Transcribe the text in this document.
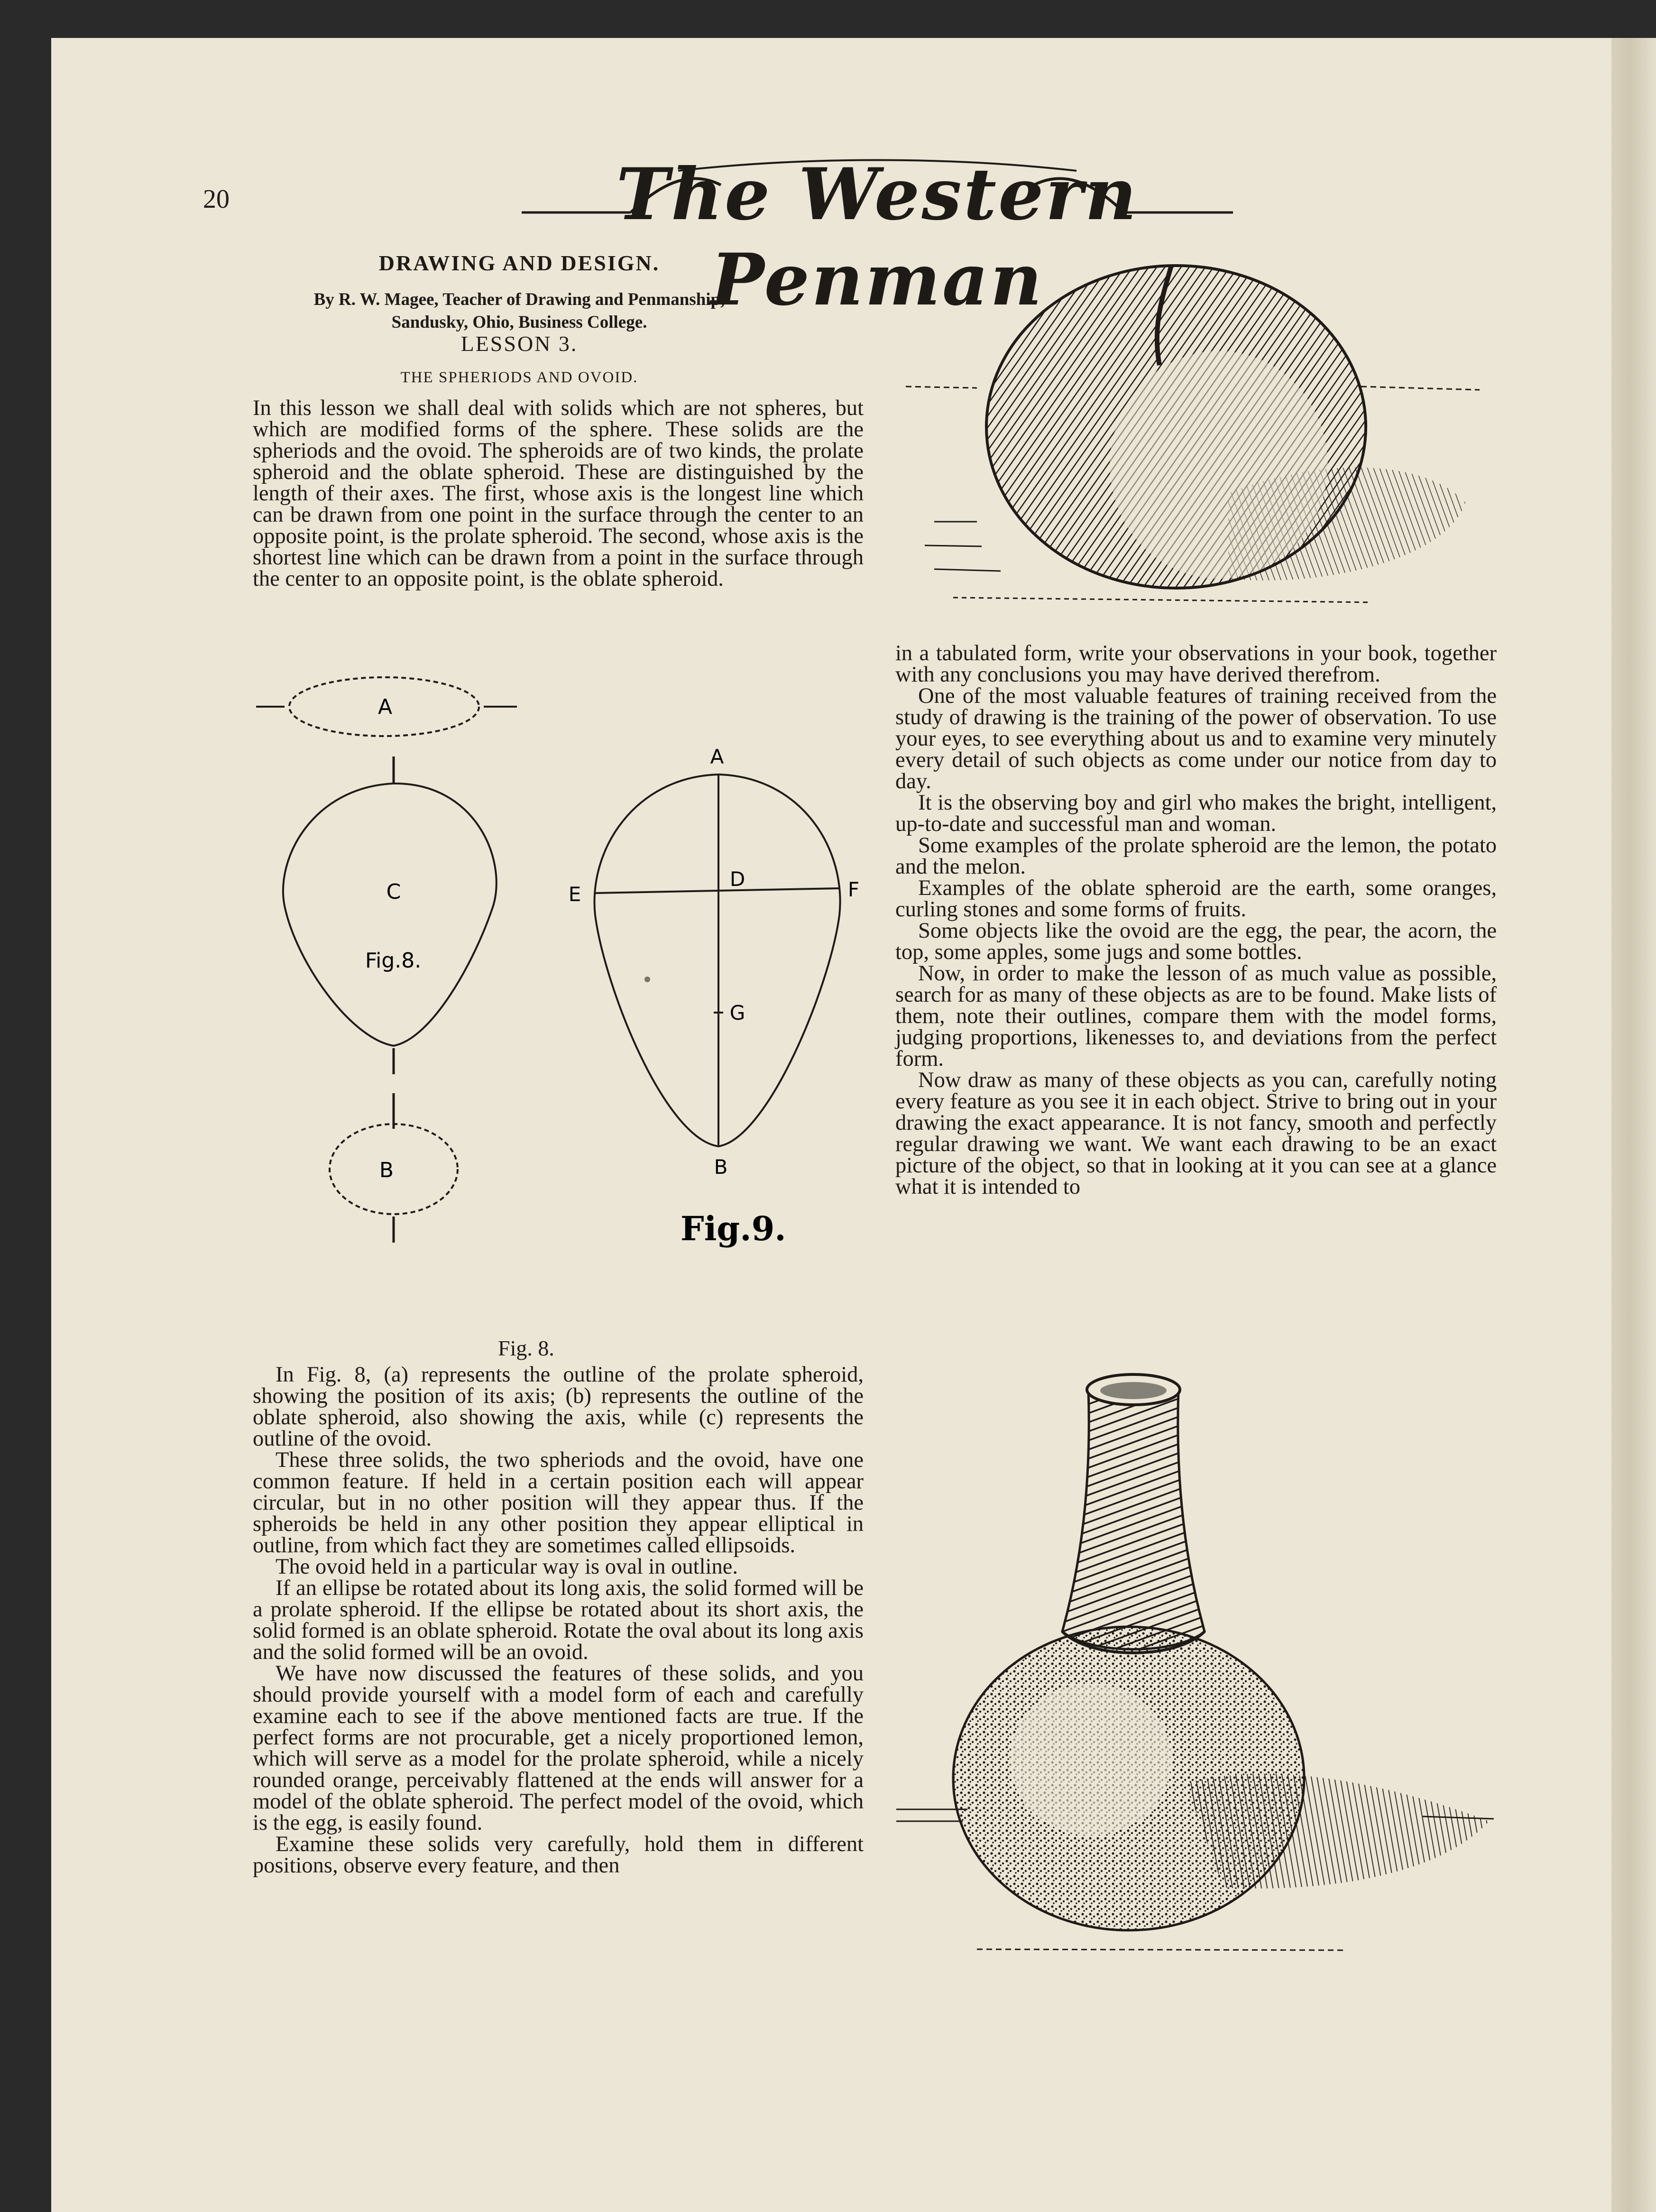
20	The Western Penman
DRAWING AND DESIGN.
By R. W. Magee, Teacher of Drawing and Penmanship,
Sandusky, Ohio, Business College.
LESSON 3.
THE SPHERIODS AND OVOID.

In this lesson we shall deal with solids which are not spheres, but which are modified forms of the sphere. These solids are the spheriods and the ovoid. The spheroids are of two kinds, the prolate spheroid and the oblate spheroid. These are distinguished by the length of their axes. The first, whose axis is the longest line which can be drawn from one point in the surface through the center to an opposite point, is the prolate spheroid. The second, whose axis is the shortest line which can be drawn from a point in the surface through the center to an opposite point, is the oblate spheroid.

A
C
Fig.8.
B
A
E	F
D
G
B
Fig.9.
Fig. 8.

In Fig. 8, (a) represents the outline of the prolate spheroid, showing the position of its axis; (b) represents the outline of the oblate spheroid, also showing the axis, while (c) represents the outline of the ovoid.

These three solids, the two spheriods and the ovoid, have one common feature. If held in a certain position each will appear circular, but in no other position will they appear thus. If the spheroids be held in any other position they appear elliptical in outline, from which fact they are sometimes called ellipsoids.

The ovoid held in a particular way is oval in outline.

If an ellipse be rotated about its long axis, the solid formed will be a prolate spheroid. If the ellipse be rotated about its short axis, the solid formed is an oblate spheroid. Rotate the oval about its long axis and the solid formed will be an ovoid.

We have now discussed the features of these solids, and you should provide yourself with a model form of each and carefully examine each to see if the above mentioned facts are true. If the perfect forms are not procurable, get a nicely proportioned lemon, which will serve as a model for the prolate spheroid, while a nicely rounded orange, perceivably flattened at the ends will answer for a model of the oblate spheroid. The perfect model of the ovoid, which is the egg, is easily found.

Examine these solids very carefully, hold them in different positions, observe every feature, and then

in a tabulated form, write your observations in your book, together with any conclusions you may have derived therefrom.

One of the most valuable features of training received from the study of drawing is the training of the power of observation. To use your eyes, to see everything about us and to examine very minutely every detail of such objects as come under our notice from day to day.

It is the observing boy and girl who makes the bright, intelligent, up-to-date and successful man and woman.

Some examples of the prolate spheroid are the lemon, the potato and the melon.

Examples of the oblate spheroid are the earth, some oranges, curling stones and some forms of fruits.

Some objects like the ovoid are the egg, the pear, the acorn, the top, some apples, some jugs and some bottles.

Now, in order to make the lesson of as much value as possible, search for as many of these objects as are to be found. Make lists of them, note their outlines, compare them with the model forms, judging proportions, likenesses to, and deviations from the perfect form.

Now draw as many of these objects as you can, carefully noting every feature as you see it in each object. Strive to bring out in your drawing the exact appearance. It is not fancy, smooth and perfectly regular drawing we want. We want each drawing to be an exact picture of the object, so that in looking at it you can see at a glance what it is intended to
